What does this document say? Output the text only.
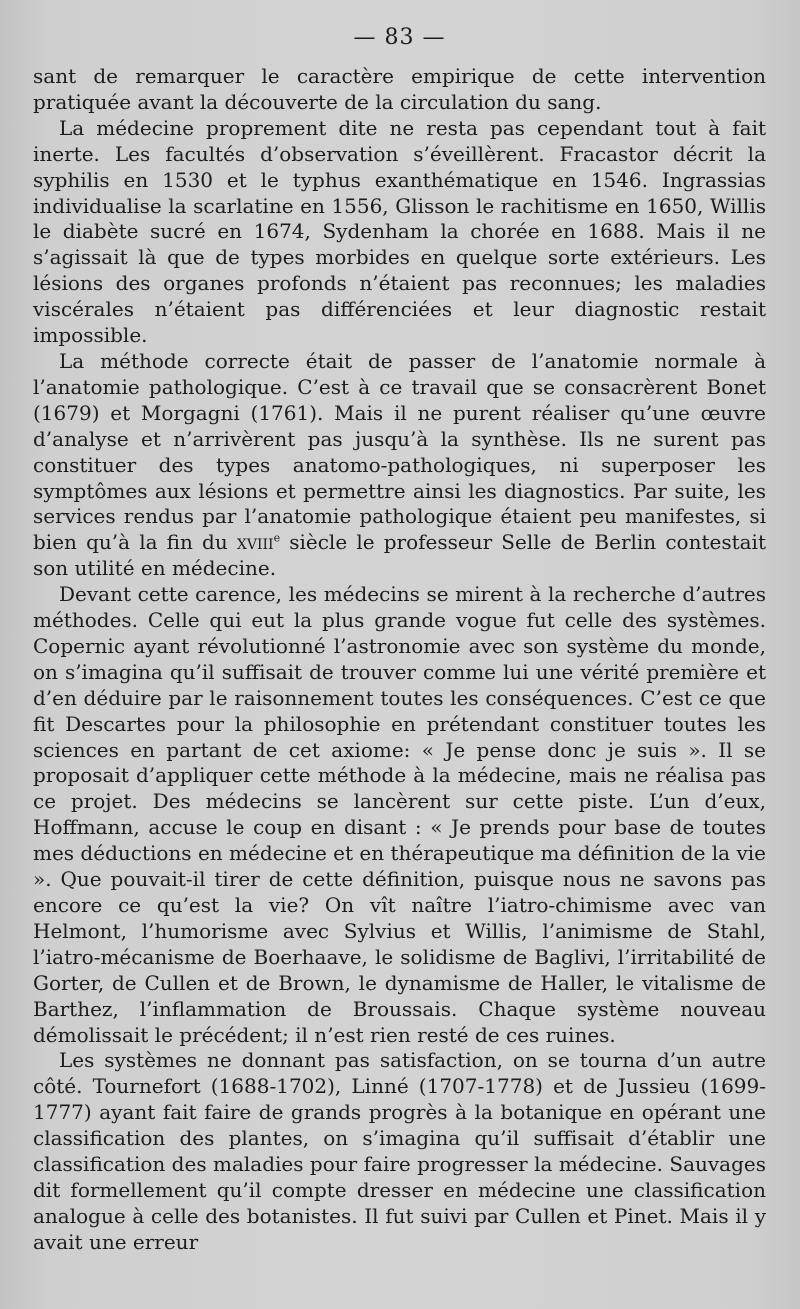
— 83 —

sant de remarquer le caractère empirique de cette intervention pratiquée avant la découverte de la circulation du sang.

La médecine proprement dite ne resta pas cependant tout à fait inerte. Les facultés d’observation s’éveillèrent. Fracastor décrit la syphilis en 1530 et le typhus exanthématique en 1546. Ingrassias individualise la scarlatine en 1556, Glisson le rachitisme en 1650, Willis le diabète sucré en 1674, Sydenham la chorée en 1688. Mais il ne s’agissait là que de types morbides en quelque sorte extérieurs. Les lésions des organes profonds n’étaient pas reconnues; les maladies viscérales n’étaient pas différenciées et leur diagnostic restait impossible.

La méthode correcte était de passer de l’anatomie normale à l’anatomie pathologique. C’est à ce travail que se consacrèrent Bonet (1679) et Morgagni (1761). Mais il ne purent réaliser qu’une œuvre d’analyse et n’arrivèrent pas jusqu’à la synthèse. Ils ne surent pas constituer des types anatomo-pathologiques, ni superposer les symptômes aux lésions et permettre ainsi les diagnostics. Par suite, les services rendus par l’anatomie pathologique étaient peu manifestes, si bien qu’à la fin du xviii$^e$ siècle le professeur Selle de Berlin contestait son utilité en médecine.

Devant cette carence, les médecins se mirent à la recherche d’autres méthodes. Celle qui eut la plus grande vogue fut celle des systèmes. Copernic ayant révolutionné l’astronomie avec son système du monde, on s’imagina qu’il suffisait de trouver comme lui une vérité première et d’en déduire par le raisonnement toutes les conséquences. C’est ce que fit Descartes pour la philosophie en prétendant constituer toutes les sciences en partant de cet axiome: « Je pense donc je suis ». Il se proposait d’appliquer cette méthode à la médecine, mais ne réalisa pas ce projet. Des médecins se lancèrent sur cette piste. L’un d’eux, Hoffmann, accuse le coup en disant : « Je prends pour base de toutes mes déductions en médecine et en thérapeutique ma définition de la vie ». Que pouvait-il tirer de cette définition, puisque nous ne savons pas encore ce qu’est la vie? On vît naître l’iatro-chimisme avec van Helmont, l’humorisme avec Sylvius et Willis, l’animisme de Stahl, l’iatro-mécanisme de Boerhaave, le solidisme de Baglivi, l’irritabilité de Gorter, de Cullen et de Brown, le dynamisme de Haller, le vitalisme de Barthez, l’inflammation de Broussais. Chaque système nouveau démolissait le précédent; il n’est rien resté de ces ruines.

Les systèmes ne donnant pas satisfaction, on se tourna d’un autre côté. Tournefort (1688-1702), Linné (1707-1778) et de Jussieu (1699-1777) ayant fait faire de grands progrès à la botanique en opérant une classification des plantes, on s’imagina qu’il suffisait d’établir une classification des maladies pour faire progresser la médecine. Sauvages dit formellement qu’il compte dresser en médecine une classification analogue à celle des botanistes. Il fut suivi par Cullen et Pinet. Mais il y avait une erreur
